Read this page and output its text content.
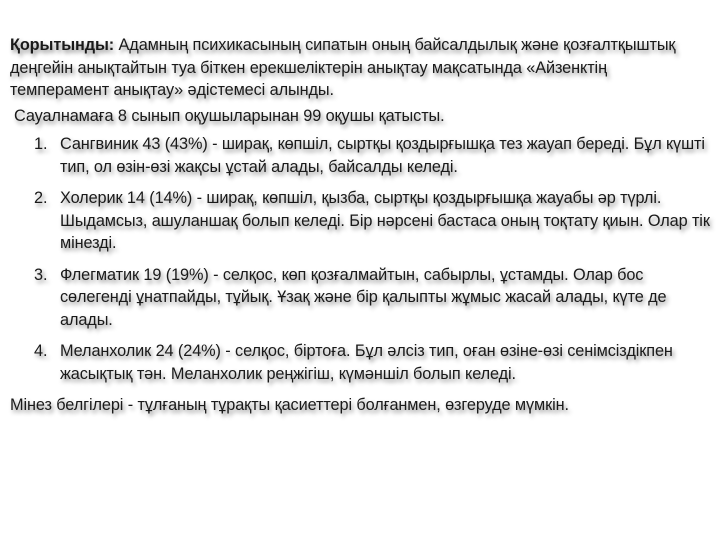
Қорытынды: Адамның психикасының сипатын оның байсалдылық және қозғалтқыштық деңгейін анықтайтын туа біткен ерекшеліктерін анықтау мақсатында «Айзенктің темперамент анықтау» әдістемесі алынды.

Сауалнамаға 8 сынып оқушыларынан 99 оқушы қатысты.

1. Сангвиник 43 (43%) - ширақ, көпшіл, сыртқы қоздырғышқа тез жауап береді. Бұл күшті тип, ол өзін-өзі жақсы ұстай алады, байсалды келеді.
2. Холерик 14 (14%) - ширақ, көпшіл, қызба, сыртқы қоздырғышқа жауабы әр түрлі. Шыдамсыз, ашуланшақ болып келеді. Бір нәрсені бастаса оның тоқтату қиын. Олар тік мінезді.
3. Флегматик 19 (19%) - селқос, көп қозғалмайтын, сабырлы, ұстамды. Олар бос сөлегенді ұнатпайды, тұйық. Ұзақ және бір қалыпты жұмыс жасай алады, күте де алады.
4. Меланхолик 24 (24%) - селқос, біртоға. Бұл әлсіз тип, оған өзіне-өзі сенімсіздікпен жасықтық тән. Меланхолик реңжігіш, күмәншіл болып келеді.

Мінез белгілері - тұлғаның тұрақты қасиеттері болғанмен, өзгеруде мүмкін.
